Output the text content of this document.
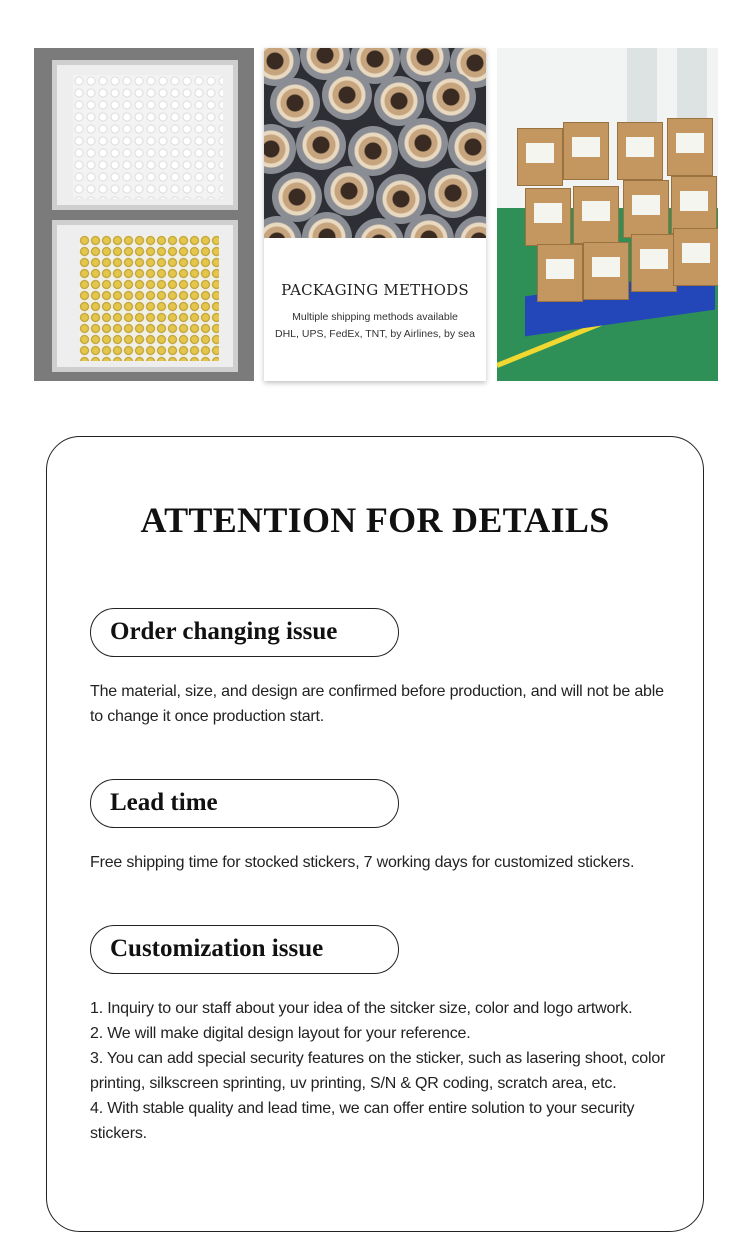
PACKAGING METHODS
Multiple shipping methods available
DHL, UPS, FedEx, TNT, by Airlines, by sea
ATTENTION FOR DETAILS
Order changing issue

The material, size, and design are confirmed before production, and will not be able to change it once production start.

Lead time

Free shipping time for stocked stickers, 7 working days for customized stickers.

Customization issue
1. Inquiry to our staff about your idea of the sitcker size, color and logo artwork.
2. We will make digital design layout for your reference.
3. You can add special security features on the sticker, such as lasering shoot, color printing, silkscreen sprinting, uv printing, S/N & QR coding, scratch area, etc.
4. With stable quality and lead time, we can offer entire solution to your security stickers.
